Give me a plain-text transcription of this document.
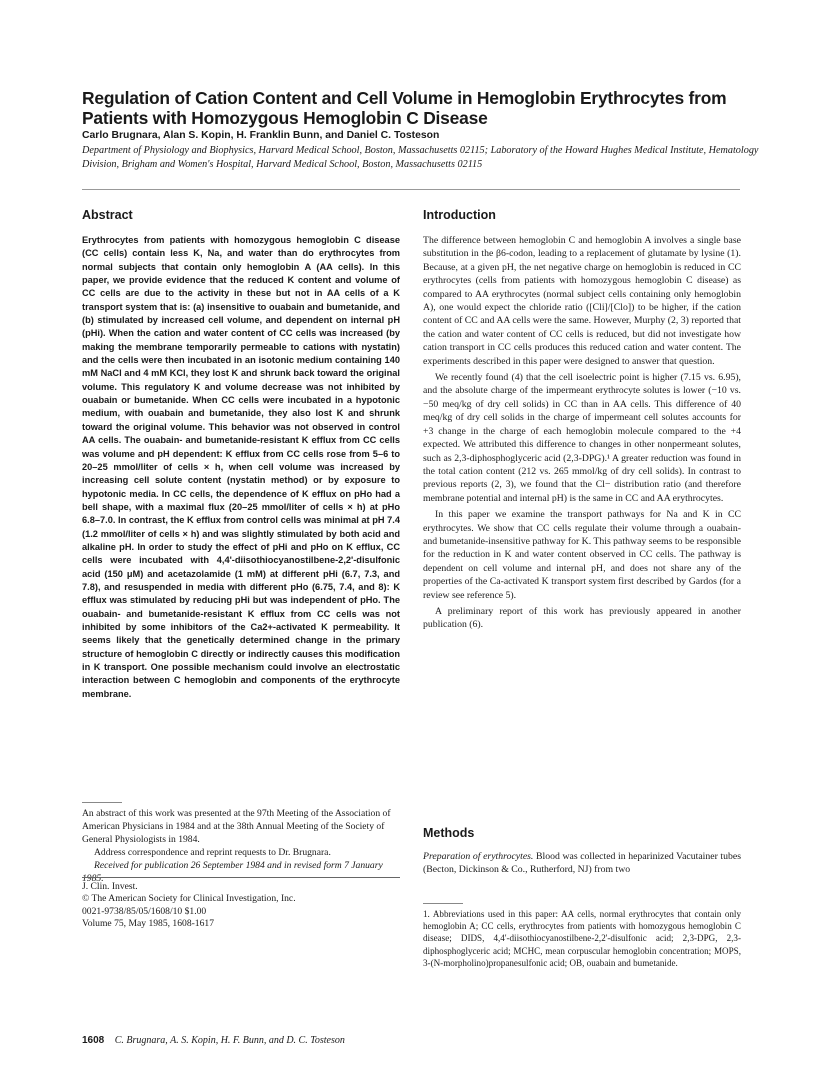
Regulation of Cation Content and Cell Volume in Hemoglobin Erythrocytes from Patients with Homozygous Hemoglobin C Disease

Carlo Brugnara, Alan S. Kopin, H. Franklin Bunn, and Daniel C. Tosteson

Department of Physiology and Biophysics, Harvard Medical School, Boston, Massachusetts 02115; Laboratory of the Howard Hughes Medical Institute, Hematology Division, Brigham and Women's Hospital, Harvard Medical School, Boston, Massachusetts 02115

Abstract

Erythrocytes from patients with homozygous hemoglobin C disease (CC cells) contain less K, Na, and water than do erythrocytes from normal subjects that contain only hemoglobin A (AA cells). In this paper, we provide evidence that the reduced K content and volume of CC cells are due to the activity in these but not in AA cells of a K transport system that is: (a) insensitive to ouabain and bumetanide, and (b) stimulated by increased cell volume, and dependent on internal pH (pHi). When the cation and water content of CC cells was increased (by making the membrane temporarily permeable to cations with nystatin) and the cells were then incubated in an isotonic medium containing 140 mM NaCl and 4 mM KCl, they lost K and shrunk back toward the original volume. This regulatory K and volume decrease was not inhibited by ouabain or bumetanide. When CC cells were incubated in a hypotonic medium, with ouabain and bumetanide, they also lost K and shrunk toward the original volume. This behavior was not observed in control AA cells. The ouabain- and bumetanide-resistant K efflux from CC cells was volume and pH dependent: K efflux from CC cells rose from 5–6 to 20–25 mmol/liter of cells × h, when cell volume was increased by increasing cell solute content (nystatin method) or by exposure to hypotonic media. In CC cells, the dependence of K efflux on pHo had a bell shape, with a maximal flux (20–25 mmol/liter of cells × h) at pHo 6.8–7.0. In contrast, the K efflux from control cells was minimal at pH 7.4 (1.2 mmol/liter of cells × h) and was slightly stimulated by both acid and alkaline pH. In order to study the effect of pHi and pHo on K efflux, CC cells were incubated with 4,4'-diisothiocyanostilbene-2,2'-disulfonic acid (150 μM) and acetazolamide (1 mM) at different pHi (6.7, 7.3, and 7.8), and resuspended in media with different pHo (6.75, 7.4, and 8): K efflux was stimulated by reducing pHi but was independent of pHo. The ouabain- and bumetanide-resistant K efflux from CC cells was not inhibited by some inhibitors of the Ca2+-activated K permeability. It seems likely that the genetically determined change in the primary structure of hemoglobin C directly or indirectly causes this modification in K transport. One possible mechanism could involve an electrostatic interaction between C hemoglobin and components of the erythrocyte membrane.

An abstract of this work was presented at the 97th Meeting of the Association of American Physicians in 1984 and at the 38th Annual Meeting of the Society of General Physiologists in 1984.

Address correspondence and reprint requests to Dr. Brugnara.

Received for publication 26 September 1984 and in revised form 7 January 1985.

J. Clin. Invest.
© The American Society for Clinical Investigation, Inc.
0021-9738/85/05/1608/10 $1.00
Volume 75, May 1985, 1608-1617
Introduction

The difference between hemoglobin C and hemoglobin A involves a single base substitution in the β6-codon, leading to a replacement of glutamate by lysine (1). Because, at a given pH, the net negative charge on hemoglobin is reduced in CC erythrocytes (cells from patients with homozygous hemoglobin C disease) as compared to AA erythrocytes (normal subject cells containing only hemoglobin A), one would expect the chloride ratio ([Cli]/[Clo]) to be higher, if the cation content of CC and AA cells were the same. However, Murphy (2, 3) reported that the cation and water content of CC cells is reduced, but did not investigate how cation transport in CC cells produces this reduced cation and water content. The experiments described in this paper were designed to answer that question.

We recently found (4) that the cell isoelectric point is higher (7.15 vs. 6.95), and the absolute charge of the impermeant erythrocyte solutes is lower (−10 vs. −50 meq/kg of dry cell solids) in CC than in AA cells. This difference of 40 meq/kg of dry cell solids in the charge of impermeant cell solutes accounts for +3 change in the charge of each hemoglobin molecule compared to the +4 expected. We attributed this difference to changes in other nonpermeant solutes, such as 2,3-diphosphoglyceric acid (2,3-DPG).¹ A greater reduction was found in the total cation content (212 vs. 265 mmol/kg of dry cell solids). In contrast to previous reports (2, 3), we found that the Cl− distribution ratio (and therefore membrane potential and internal pH) is the same in CC and AA erythrocytes.

In this paper we examine the transport pathways for Na and K in CC erythrocytes. We show that CC cells regulate their volume through a ouabain- and bumetanide-insensitive pathway for K. This pathway seems to be responsible for the reduction in K and water content observed in CC cells. The pathway is dependent on cell volume and internal pH, and does not share any of the properties of the Ca-activated K transport system first described by Gardos (for a review see reference 5).

A preliminary report of this work has previously appeared in another publication (6).

Methods

Preparation of erythrocytes. Blood was collected in heparinized Vacutainer tubes (Becton, Dickinson & Co., Rutherford, NJ) from two

1. Abbreviations used in this paper: AA cells, normal erythrocytes that contain only hemoglobin A; CC cells, erythrocytes from patients with homozygous hemoglobin C disease; DIDS, 4,4'-diisothiocyanostilbene-2,2'-disulfonic acid; 2,3-DPG, 2,3-diphosphoglyceric acid; MCHC, mean corpuscular hemoglobin concentration; MOPS, 3-(N-morpholino)propanesulfonic acid; OB, ouabain and bumetanide.

1608 C. Brugnara, A. S. Kopin, H. F. Bunn, and D. C. Tosteson
